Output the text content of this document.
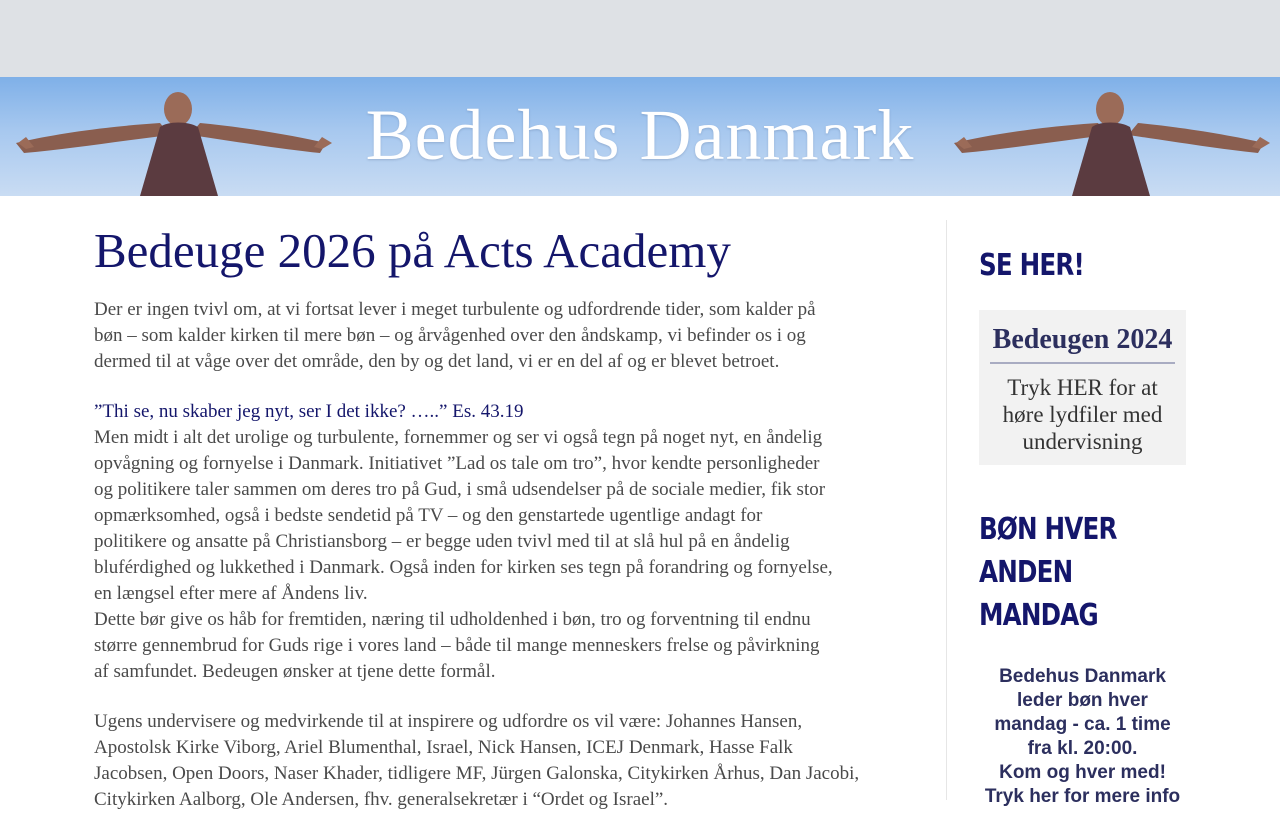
Bedehus Danmark
Bedeuge 2026 på Acts Academy

Der er ingen tvivl om, at vi fortsat lever i meget turbulente og udfordrende tider, som kalder på bøn – som kalder kirken til mere bøn – og årvågenhed over den åndskamp, vi befinder os i og dermed til at våge over det område, den by og det land, vi er en del af og er blevet betroet.

”Thi se, nu skaber jeg nyt, ser I det ikke? …..” Es. 43.19

Men midt i alt det urolige og turbulente, fornemmer og ser vi også tegn på noget nyt, en åndelig opvågning og fornyelse i Danmark. Initiativet ”Lad os tale om tro”, hvor kendte personligheder og politikere taler sammen om deres tro på Gud, i små udsendelser på de sociale medier, fik stor opmærksomhed, også i bedste sendetid på TV – og den genstartede ugentlige andagt for politikere og ansatte på Christiansborg – er begge uden tvivl med til at slå hul på en åndelig bluférdighed og lukkethed i Danmark. Også inden for kirken ses tegn på forandring og fornyelse, en længsel efter mere af Åndens liv.

Dette bør give os håb for fremtiden, næring til udholdenhed i bøn, tro og forventning til endnu større gennembrud for Guds rige i vores land – både til mange menneskers frelse og påvirkning af samfundet. Bedeugen ønsker at tjene dette formål.

Ugens undervisere og medvirkende til at inspirere og udfordre os vil være: Johannes Hansen, Apostolsk Kirke Viborg, Ariel Blumenthal, Israel, Nick Hansen, ICEJ Denmark, Hasse Falk Jacobsen, Open Doors, Naser Khader, tidligere MF, Jürgen Galonska, Citykirken Århus, Dan Jacobi, Citykirken Aalborg, Ole Andersen, fhv. generalsekretær i “Ordet og Israel”.

SE HER!
Bedeugen 2024
Tryk HER for at
høre lydfiler med
undervisning
BØN HVER ANDEN MANDAG
Bedehus Danmark
leder bøn hver
mandag - ca. 1 time
fra kl. 20:00.
Kom og hver med!
Tryk her for mere info
